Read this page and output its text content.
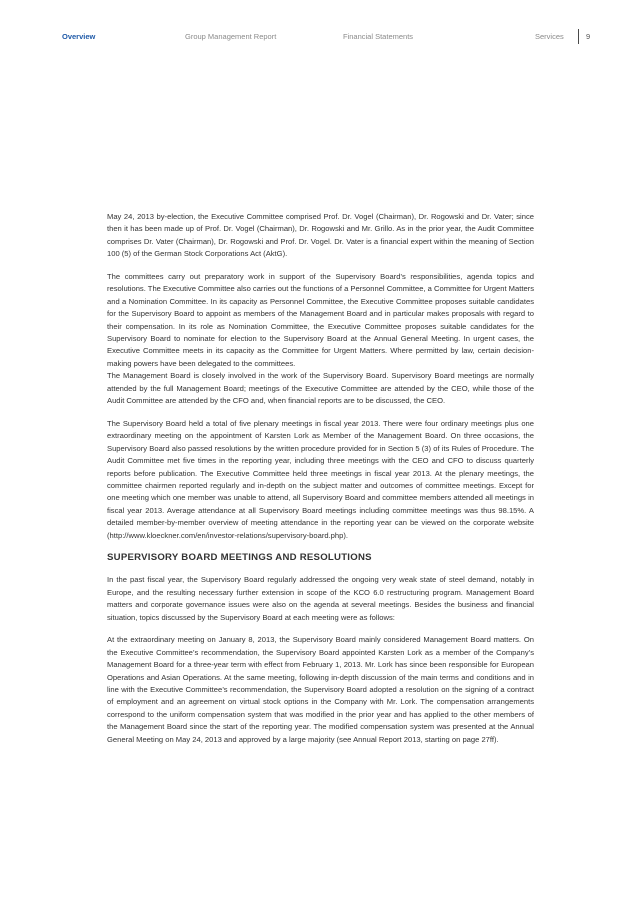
Overview	Group Management Report	Financial Statements	Services	9

May 24, 2013 by-election, the Executive Committee comprised Prof. Dr. Vogel (Chairman), Dr. Rogowski and Dr. Vater; since then it has been made up of Prof. Dr. Vogel (Chairman), Dr. Rogowski and Mr. Grillo. As in the prior year, the Audit Committee comprises Dr. Vater (Chairman), Dr. Rogowski and Prof. Dr. Vogel. Dr. Vater is a financial expert within the meaning of Section 100 (5) of the German Stock Corporations Act (AktG).

The committees carry out preparatory work in support of the Supervisory Board’s responsibilities, agenda topics and resolutions. The Executive Committee also carries out the functions of a Personnel Committee, a Committee for Urgent Matters and a Nomination Committee. In its capacity as Personnel Committee, the Executive Committee proposes suitable candidates for the Supervisory Board to appoint as members of the Management Board and in particular makes proposals with regard to their compensation. In its role as Nomination Committee, the Executive Committee proposes suitable candidates for the Supervisory Board to nominate for election to the Supervisory Board at the Annual General Meeting. In urgent cases, the Executive Committee meets in its capacity as the Committee for Urgent Matters. Where permitted by law, certain decision-making powers have been delegated to the committees.

The Management Board is closely involved in the work of the Supervisory Board. Supervisory Board meetings are normally attended by the full Management Board; meetings of the Executive Committee are attended by the CEO, while those of the Audit Committee are attended by the CFO and, when financial reports are to be discussed, the CEO.

The Supervisory Board held a total of five plenary meetings in fiscal year 2013. There were four ordinary meetings plus one extraordinary meeting on the appointment of Karsten Lork as Member of the Management Board. On three occasions, the Supervisory Board also passed resolutions by the written procedure provided for in Section 5 (3) of its Rules of Procedure. The Audit Committee met five times in the reporting year, including three meetings with the CEO and CFO to discuss quarterly reports before publication. The Executive Committee held three meetings in fiscal year 2013. At the plenary meetings, the committee chairmen reported regularly and in-depth on the subject matter and outcomes of committee meetings. Except for one meeting which one member was unable to attend, all Supervisory Board and committee members attended all meetings in fiscal year 2013. Average attendance at all Supervisory Board meetings including committee meetings was thus 98.15%. A detailed member-by-member overview of meeting attendance in the reporting year can be viewed on the corporate website (http://www.kloeckner.com/en/investor-relations/supervisory-board.php).

SUPERVISORY BOARD MEETINGS AND RESOLUTIONS

In the past fiscal year, the Supervisory Board regularly addressed the ongoing very weak state of steel demand, notably in Europe, and the resulting necessary further extension in scope of the KCO 6.0 restructuring program. Management Board matters and corporate governance issues were also on the agenda at several meetings. Besides the business and financial situation, topics discussed by the Supervisory Board at each meeting were as follows:

At the extraordinary meeting on January 8, 2013, the Supervisory Board mainly considered Management Board matters. On the Executive Committee’s recommendation, the Supervisory Board appointed Karsten Lork as a member of the Company’s Management Board for a three-year term with effect from February 1, 2013. Mr. Lork has since been responsible for European Operations and Asian Operations. At the same meeting, following in-depth discussion of the main terms and conditions and in line with the Executive Committee’s recommendation, the Supervisory Board adopted a resolution on the signing of a contract of employment and an agreement on virtual stock options in the Company with Mr. Lork. The compensation arrangements correspond to the uniform compensation system that was modified in the prior year and has applied to the other members of the Management Board since the start of the reporting year. The modified compensation system was presented at the Annual General Meeting on May 24, 2013 and approved by a large majority (see Annual Report 2013, starting on page 27ff).
